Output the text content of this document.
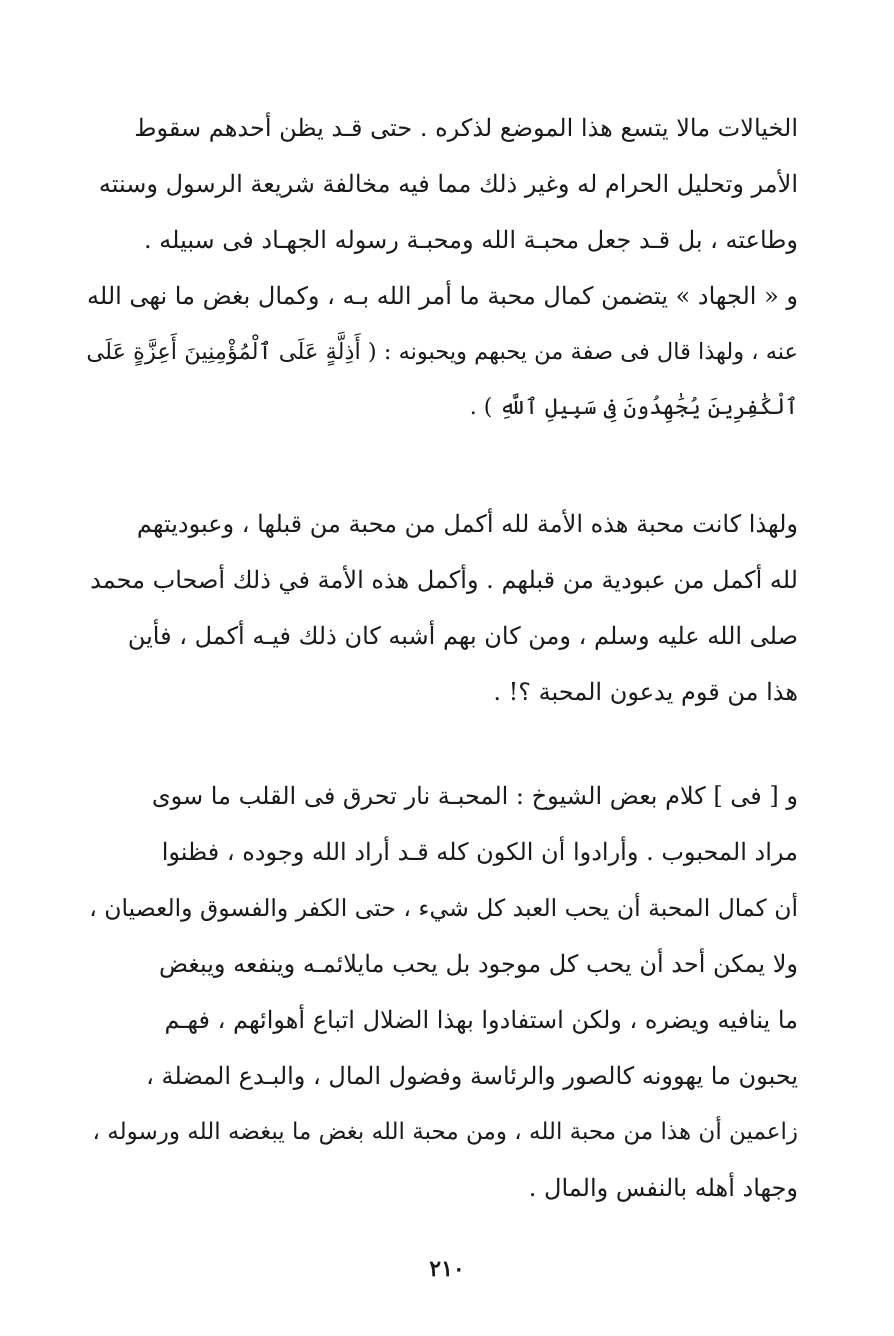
الخيالات مالا يتسع هذا الموضع لذكره . حتى قـد يظن أحدهم سقوط
الأمر وتحليل الحرام له وغير ذلك مما فيه مخالفة شريعة الرسول وسنته
وطاعته ، بل قـد جعل محبـة الله ومحبـة رسوله الجهـاد فى سبيله .
و « الجهاد » يتضمن كمال محبة ما أمر الله بـه ، وكمال بغض ما نهى الله
عنه ، ولهذا قال فى صفة من يحبهم ويحبونه : ( أَذِلَّةٍ عَلَى ٱلْمُؤْمِنِينَ أَعِزَّةٍ عَلَى
ٱلْكَٰفِرِينَ يُجَٰهِدُونَ فِى سَبِيلِ ٱللَّهِ ) .
ولهذا كانت محبة هذه الأمة لله أكمل من محبة من قبلها ، وعبوديتهم
لله أكمل من عبودية من قبلهم . وأكمل هذه الأمة في ذلك أصحاب محمد
صلى الله عليه وسلم ، ومن كان بهم أشبه كان ذلك فيـه أكمل ، فأين
هذا من قوم يدعون المحبة ؟! .
و [ فى ] كلام بعض الشيوخ : المحبـة نار تحرق فى القلب ما سوى
مراد المحبوب . وأرادوا أن الكون كله قـد أراد الله وجوده ، فظنوا
أن كمال المحبة أن يحب العبد كل شيء ، حتى الكفر والفسوق والعصيان ،
ولا يمكن أحد أن يحب كل موجود بل يحب مايلائمـه وينفعه ويبغض
ما ينافيه ويضره ، ولكن استفادوا بهذا الضلال اتباع أهوائهم ، فهـم
يحبون ما يهوونه كالصور والرئاسة وفضول المال ، والبـدع المضلة ،
زاعمين أن هذا من محبة الله ، ومن محبة الله بغض ما يبغضه الله ورسوله ،
وجهاد أهله بالنفس والمال .
٢١٠
